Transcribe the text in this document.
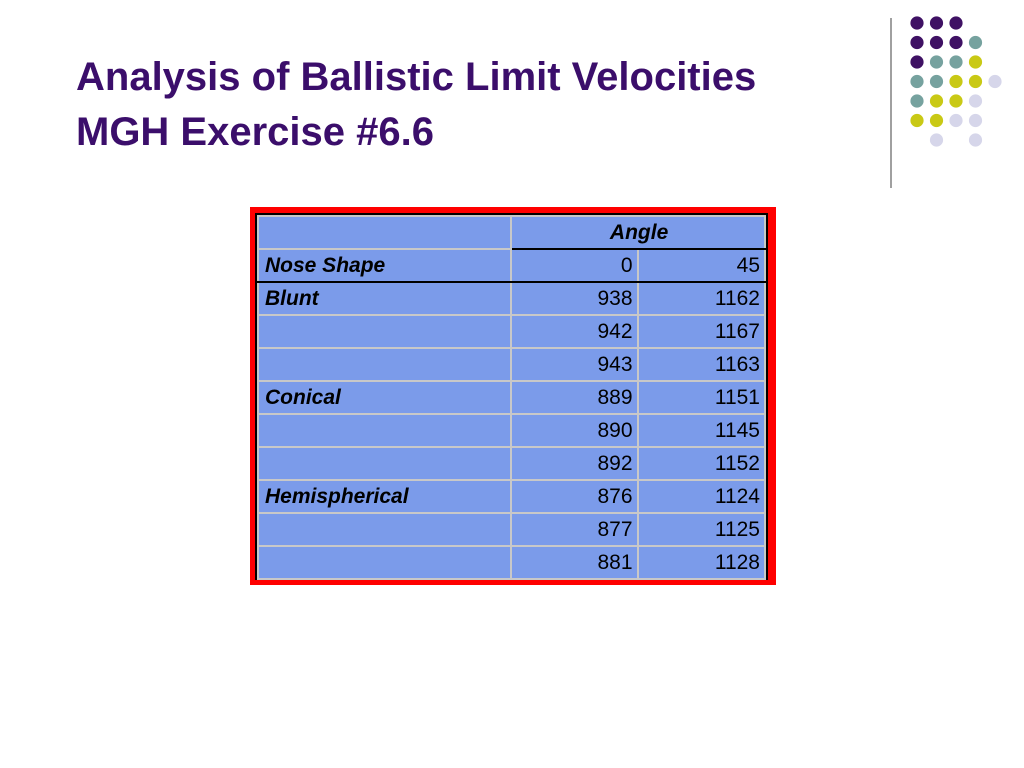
Analysis of Ballistic Limit Velocities
MGH Exercise #6.6
	Angle	
Nose Shape	0	45
Blunt	938	1162
	942	1167
	943	1163
Conical	889	1151
	890	1145
	892	1152
Hemispherical	876	1124
	877	1125
	881	1128
